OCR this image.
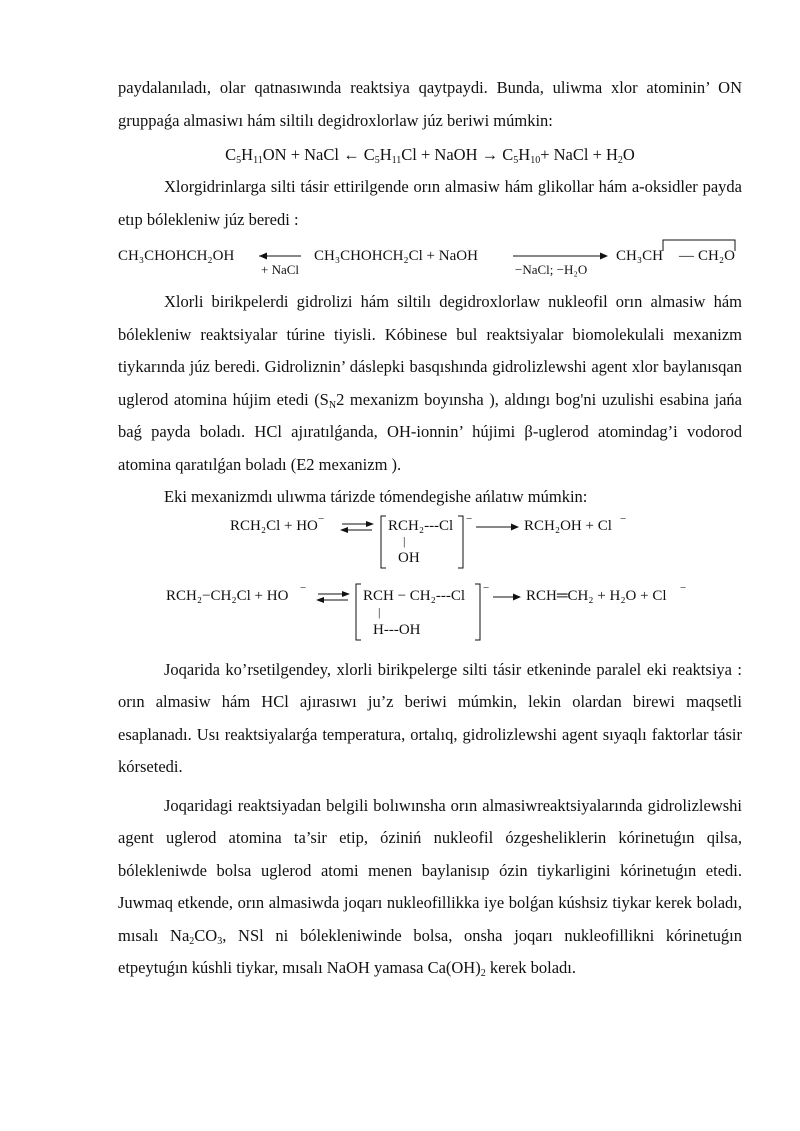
paydalanıladı, olar qatnasıwında reaktsiya qaytpaydi. Bunda, uliwma xlor atominin’ ON gruppaǵa almasiwı hám siltilı degidroxlorlaw júz beriwi múmkin:

$C_5H_{11}ON$ + NaCl ← $C_5H_{11}Cl$ + NaOH → $C_5H_{10}+$ NaCl + $H_2O$

Xlorgidrinlarga silti tásir ettirilgende orın almasiw hám glikollar hám a-oksidler payda etıp bólekleniw júz beredi :

CH₃CHOHCH₂OH
+ NaCl
CH₃CHOHCH₂Cl + NaOH
−NaCl; −H₂O
CH₃CH — CH₂O

Xlorli birikpelerdi gidrolizi hám siltilı degidroxlorlaw nukleofil orın almasiw hám bólekleniw reaktsiyalar túrine tiyisli. Kóbinese bul reaktsiyalar biomolekulali mexanizm tiykarında júz beredi. Gidroliznin’ dáslepki basqıshında gidrolizlewshi agent xlor baylanısqan uglerod atomina hújim etedi ($S_N2$ mexanizm boyınsha ), aldıngı bog'ni uzulishi esabina jańa baǵ payda boladı. HCl ajıratılǵanda, OH-ionnin’ hújimi β-uglerod atomindag’i vodorod atomina qaratılǵan boladı (E2 mexanizm ).

Eki mexanizmdı ulıwma tárizde tómendegishe ańlatıw múmkin:

RCH₂Cl + HO −	RCH₂---Cl
|
OH
−	RCH₂OH + Cl −
RCH₂−CH₂Cl + HO −	RCH − CH₂---Cl
|
H---OH
− RCH═CH₂ + H₂O + Cl −

Joqarida ko’rsetilgendey, xlorli birikpelerge silti tásir etkeninde paralel eki reaktsiya : orın almasiw hám HCl ajırasıwı ju’z beriwi múmkin, lekin olardan birewi maqsetli esaplanadı. Usı reaktsiyalarǵa temperatura, ortalıq, gidrolizlewshi agent sıyaqlı faktorlar tásir kórsetedi.

Joqaridagi reaktsiyadan belgili bolıwınsha orın almasiwreaktsiyalarında gidrolizlewshi agent uglerod atomina ta’sir etip, óziniń nukleofil ózgesheliklerin kórinetuǵın qilsa, bólekleniwde bolsa uglerod atomi menen baylanisıp ózin tiykarligini kórinetuǵın etedi. Juwmaq etkende, orın almasiwda joqarı nukleofillikka iye bolǵan kúshsiz tiykar kerek boladı, mısalı $Na_2CO_3$, NSl ni bólekleniwinde bolsa, onsha joqarı nukleofillikni kórinetuǵın etpeytuǵın kúshli tiykar, mısalı NaOH yamasa $Ca(OH)_2$ kerek boladı.
